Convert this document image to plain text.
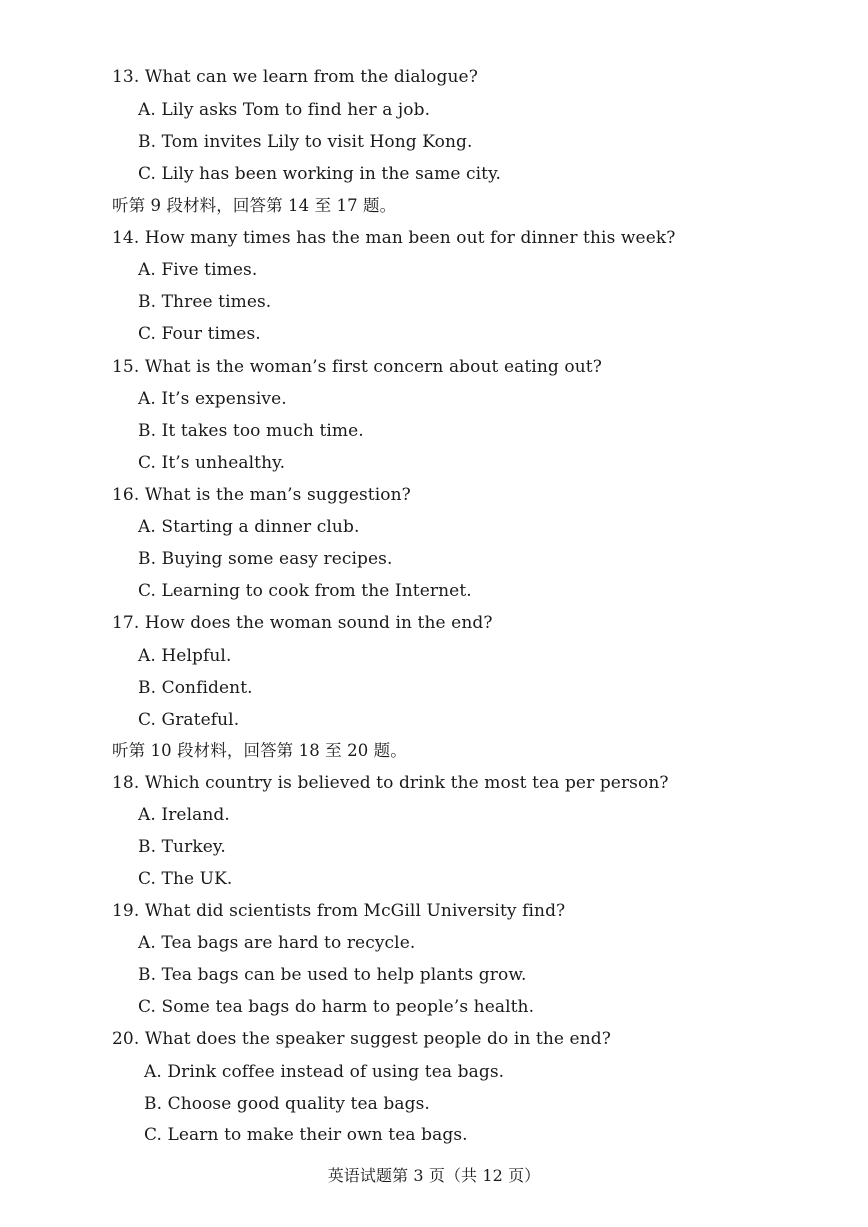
13. What can we learn from the dialogue?
A. Lily asks Tom to find her a job.
B. Tom invites Lily to visit Hong Kong.
C. Lily has been working in the same city.
听第 9 段材料，回答第 14 至 17 题。
14. How many times has the man been out for dinner this week?
A. Five times.
B. Three times.
C. Four times.
15. What is the woman’s first concern about eating out?
A. It’s expensive.
B. It takes too much time.
C. It’s unhealthy.
16. What is the man’s suggestion?
A. Starting a dinner club.
B. Buying some easy recipes.
C. Learning to cook from the Internet.
17. How does the woman sound in the end?
A. Helpful.
B. Confident.
C. Grateful.
听第 10 段材料，回答第 18 至 20 题。
18. Which country is believed to drink the most tea per person?
A. Ireland.
B. Turkey.
C. The UK.
19. What did scientists from McGill University find?
A. Tea bags are hard to recycle.
B. Tea bags can be used to help plants grow.
C. Some tea bags do harm to people’s health.
20. What does the speaker suggest people do in the end?
A. Drink coffee instead of using tea bags.
B. Choose good quality tea bags.
C. Learn to make their own tea bags.
英语试题第 3 页（共 12 页）
